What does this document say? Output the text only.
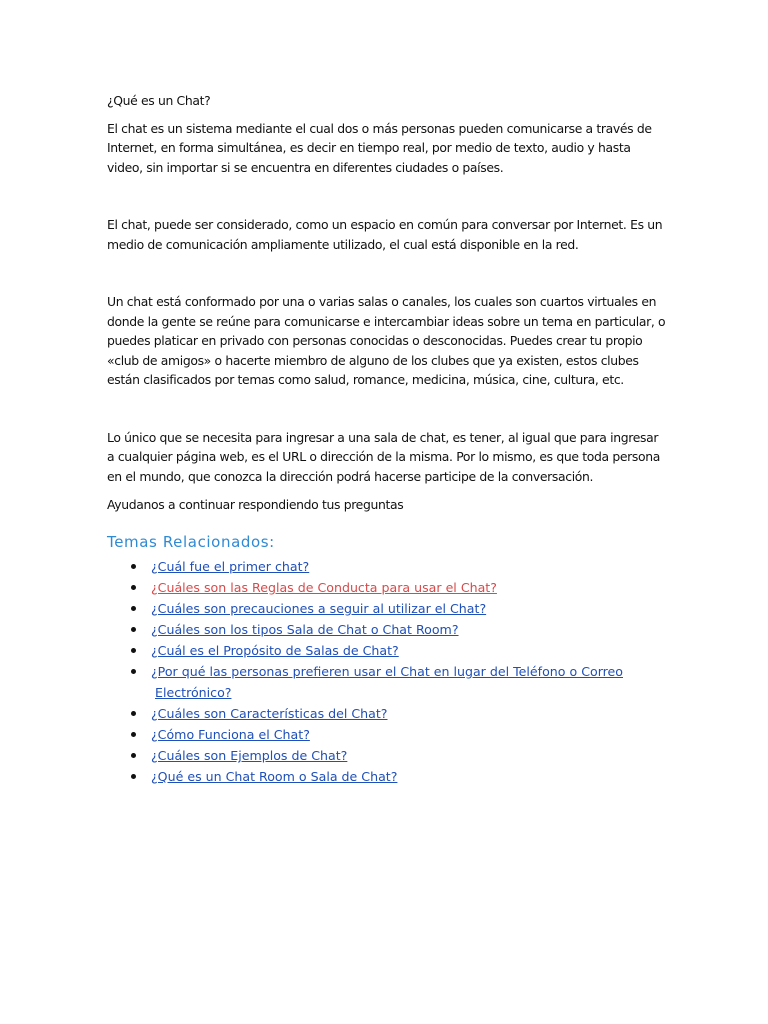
¿Qué es un Chat?

El chat es un sistema mediante el cual dos o más personas pueden comunicarse a través de Internet, en forma simultánea, es decir en tiempo real, por medio de texto, audio y hasta video, sin importar si se encuentra en diferentes ciudades o países.

El chat, puede ser considerado, como un espacio en común para conversar por Internet. Es un medio de comunicación ampliamente utilizado, el cual está disponible en la red.

Un chat está conformado por una o varias salas o canales, los cuales son cuartos virtuales en donde la gente se reúne para comunicarse e intercambiar ideas sobre un tema en particular, o puedes platicar en privado con personas conocidas o desconocidas. Puedes crear tu propio «club de amigos» o hacerte miembro de alguno de los clubes que ya existen, estos clubes están clasificados por temas como salud, romance, medicina, música, cine, cultura, etc.

Lo único que se necesita para ingresar a una sala de chat, es tener, al igual que para ingresar a cualquier página web, es el URL o dirección de la misma. Por lo mismo, es que toda persona en el mundo, que conozca la dirección podrá hacerse participe de la conversación.

Ayudanos a continuar respondiendo tus preguntas

Temas Relacionados:
¿Cuál fue el primer chat?
¿Cuáles son las Reglas de Conducta para usar el Chat?
¿Cuáles son precauciones a seguir al utilizar el Chat?
¿Cuáles son los tipos Sala de Chat o Chat Room?
¿Cuál es el Propósito de Salas de Chat?
¿Por qué las personas prefieren usar el Chat en lugar del Teléfono o Correo
Electrónico?
¿Cuáles son Características del Chat?
¿Cómo Funciona el Chat?
¿Cuáles son Ejemplos de Chat?
¿Qué es un Chat Room o Sala de Chat?
